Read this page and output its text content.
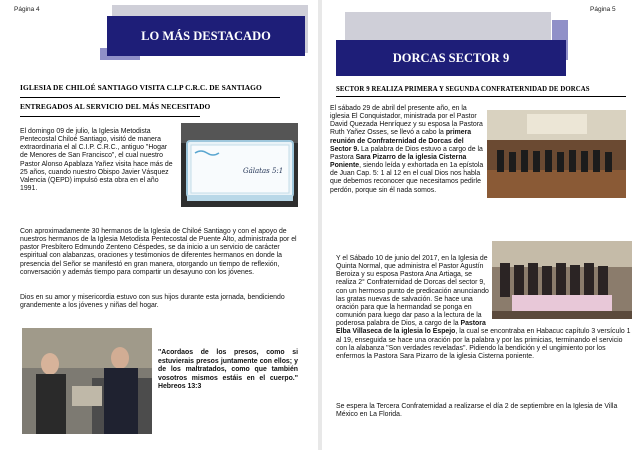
Página 4
LO MÁS DESTACADO
IGLESIA DE CHILOÉ SANTIAGO VISITA C.I.P C.R.C. DE SANTIAGO
ENTREGADOS AL SERVICIO DEL MÁS NECESITADO
El domingo 09 de julio, la Iglesia Metodista Pentecostal Chiloé Santiago, visitó de manera extraordinaria el al C.I.P. C.R.C., antiguo "Hogar de Menores de San Francisco", el cual nuestro Pastor Alonso Apablaza Yañez visita hace más de 25 años, cuando nuestro Obispo Javier Vásquez Valencia (QEPD) impulsó esta obra en el año 1991.
Gálatas 5:1
Con aproximadamente 30 hermanos de la Iglesia de Chiloé Santiago y con el apoyo de nuestros hermanos de la Iglesia Metodista Pentecostal de Puente Alto, administrada por el pastor Presbítero Edmundo Zenteno Céspedes, se da inicio a un servicio de carácter espiritual con alabanzas, oraciones y testimonios de diferentes hermanos en donde la presencia del Señor se manifestó en gran manera, otorgando un tiempo de reflexión, conversación y además tiempo para compartir un desayuno con los jóvenes.
Dios en su amor y misericordia estuvo con sus hijos durante esta jornada, bendiciendo grandemente a los jóvenes y niñas del hogar.
"Acordaos de los presos, como si estuvierais presos juntamente con ellos; y de los maltratados, como que también vosotros mismos estáis en el cuerpo." Hebreos 13:3
Página 5
DORCAS SECTOR 9
SECTOR 9 REALIZA PRIMERA Y SEGUNDA CONFRATERNIDAD DE DORCAS
El sábado 29 de abril del presente año, en la iglesia El Conquistador, ministrada por el Pastor David Quezada Henríquez y su esposa la Pastora Ruth Yañez Osses, se llevó a cabo la primera reunión de Confraternidad de Dorcas del Sector 9. La palabra de Dios estuvo a cargo de la Pastora Sara Pizarro de la iglesia Cisterna Poniente, siendo leída y exhortada en 1a epístola de Juan Cap. 5: 1 al 12 en el cual Dios nos habla que debemos reconocer que necesitamos pedirle perdón, porque sin él nada somos.
Y el Sábado 10 de junio del 2017, en la Iglesia de Quinta Normal, que administra el Pastor Agustín Beroiza y su esposa Pastora Ana Artiaga, se realiza 2° Confraternidad de Dorcas del sector 9, con un hermoso punto de predicación anunciando las gratas nuevas de salvación. Se hace una oración para que la hermandad se ponga en comunión para luego dar paso a la lectura de la poderosa palabra de Dios, a cargo de la Pastora Elba Villaseca de la iglesia lo Espejo, la cual se encontraba en Habacuc capítulo 3 versículo 1 al 19, enseguida se hace una oración por la palabra y por las primicias, terminando el servicio con la alabanza "Son verdades reveladas". Pidiendo la bendición y el ungimiento por los enfermos la Pastora Sara Pizarro de la iglesia Cisterna poniente.
Se espera la Tercera Confratemidad a realizarse el día 2 de septiembre en la Iglesia de Villa México en La Florida.
